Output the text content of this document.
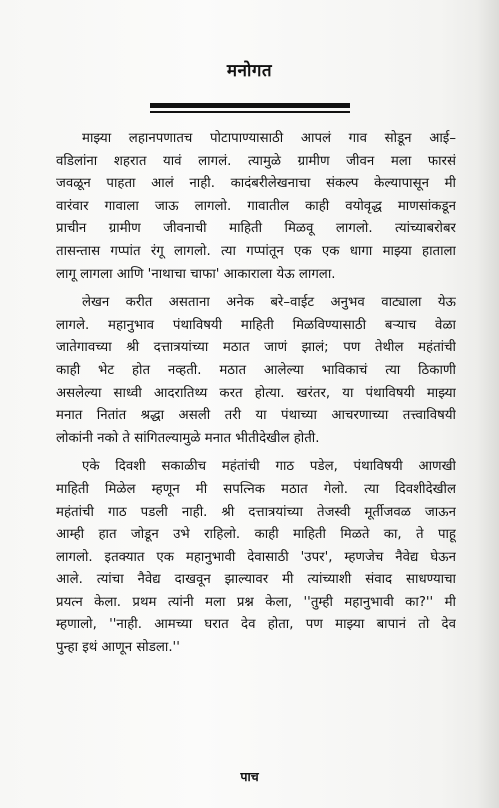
मनोगत
माझ्या लहानपणातच पोटापाण्यासाठी आपलं गाव सोडून आई–
वडिलांना शहरात यावं लागलं. त्यामुळे ग्रामीण जीवन मला फारसं
जवळून पाहता आलं नाही. कादंबरीलेखनाचा संकल्प केल्यापासून मी
वारंवार गावाला जाऊ लागलो. गावातील काही वयोवृद्ध माणसांकडून
प्राचीन ग्रामीण जीवनाची माहिती मिळवू लागलो. त्यांच्याबरोबर
तासन्तास गप्पांत रंगू लागलो. त्या गप्पांतून एक एक धागा माझ्या हाताला
लागू लागला आणि 'नाथाचा चाफा' आकाराला येऊ लागला.
लेखन करीत असताना अनेक बरे–वाईट अनुभव वाट्याला येऊ
लागले. महानुभाव पंथाविषयी माहिती मिळविण्यासाठी बऱ्याच वेळा
जातेगावच्या श्री दत्तात्रयांच्या मठात जाणं झालं; पण तेथील महंतांची
काही भेट होत नव्हती. मठात आलेल्या भाविकाचं त्या ठिकाणी
असलेल्या साध्वी आदरातिथ्य करत होत्या. खरंतर, या पंथाविषयी माझ्या
मनात नितांत श्रद्धा असली तरी या पंथाच्या आचरणाच्या तत्त्वाविषयी
लोकांनी नको ते सांगितल्यामुळे मनात भीतीदेखील होती.
एके दिवशी सकाळीच महंतांची गाठ पडेल, पंथाविषयी आणखी
माहिती मिळेल म्हणून मी सपत्निक मठात गेलो. त्या दिवशीदेखील
महंतांची गाठ पडली नाही. श्री दत्तात्रयांच्या तेजस्वी मूर्तीजवळ जाऊन
आम्ही हात जोडून उभे राहिलो. काही माहिती मिळते का, ते पाहू
लागलो. इतक्यात एक महानुभावी देवासाठी 'उपर', म्हणजेच नैवेद्य घेऊन
आले. त्यांचा नैवेद्य दाखवून झाल्यावर मी त्यांच्याशी संवाद साधण्याचा
प्रयत्न केला. प्रथम त्यांनी मला प्रश्न केला, ''तुम्ही महानुभावी का?'' मी
म्हणालो, ''नाही. आमच्या घरात देव होता, पण माझ्या बापानं तो देव
पुन्हा इथं आणून सोडला.''
पाच
